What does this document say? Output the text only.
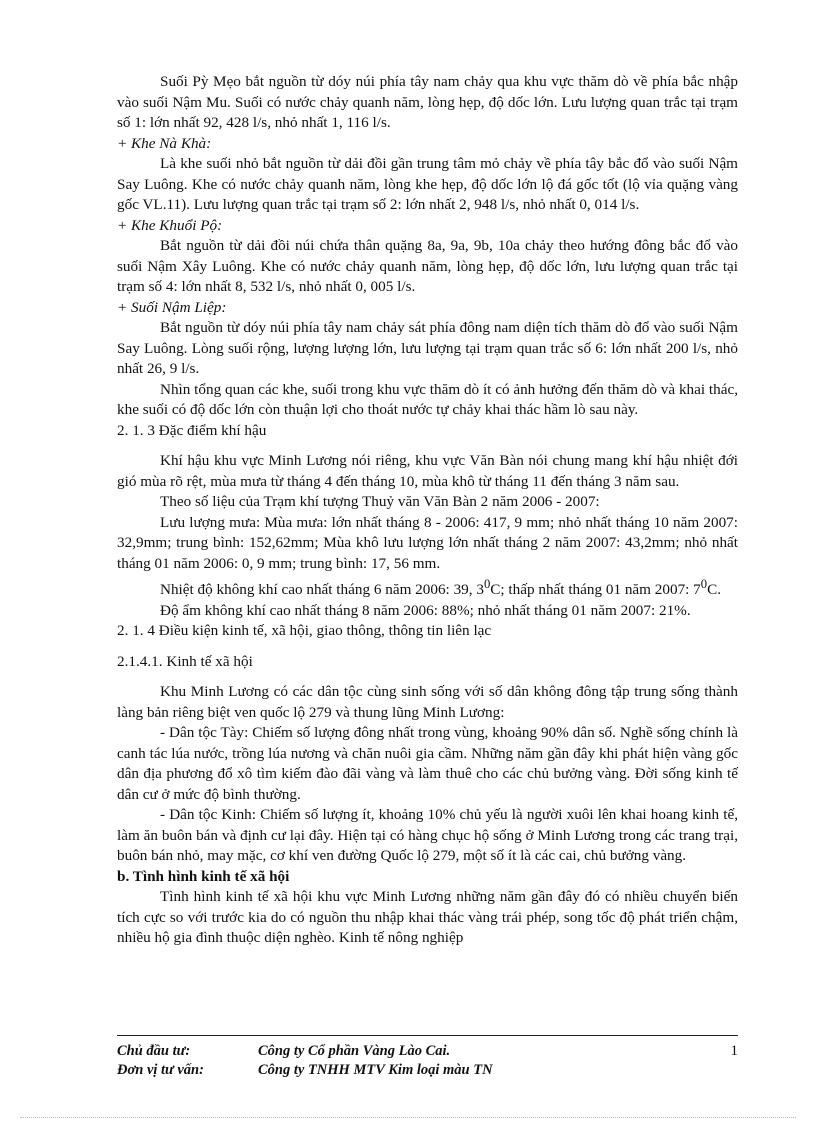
Suối Pỳ Mẹo bắt nguồn từ dóy núi phía tây nam chảy qua khu vực thăm dò về phía bắc nhập vào suối Nậm Mu. Suối có nước chảy quanh năm, lòng hẹp, độ dốc lớn. Lưu lượng quan trắc tại trạm số 1: lớn nhất 92, 428 l/s, nhỏ nhất 1, 116 l/s.

+ Khe Nà Khà:

Là khe suối nhỏ bắt nguồn từ dải đồi gần trung tâm mỏ chảy về phía tây bắc đổ vào suối Nậm Say Luông. Khe có nước chảy quanh năm, lòng khe hẹp, độ dốc lớn lộ đá gốc tốt (lộ vỉa quặng vàng gốc VL.11). Lưu lượng quan trắc tại trạm số 2: lớn nhất 2, 948 l/s, nhỏ nhất 0, 014 l/s.

+ Khe Khuổi Pộ:

Bắt nguồn từ dải đồi núi chứa thân quặng 8a, 9a, 9b, 10a chảy theo hướng đông bắc đổ vào suối Nậm Xây Luông. Khe có nước chảy quanh năm, lòng hẹp, độ dốc lớn, lưu lượng quan trắc tại trạm số 4: lớn nhất 8, 532 l/s, nhỏ nhất 0, 005 l/s.

+ Suối Nậm Liệp:

Bắt nguồn từ dóy núi phía tây nam chảy sát phía đông nam diện tích thăm dò đổ vào suối Nậm Say Luông. Lòng suối rộng, lượng lượng lớn, lưu lượng tại trạm quan trắc số 6: lớn nhất 200 l/s, nhỏ nhất 26, 9 l/s.

Nhìn tổng quan các khe, suối trong khu vực thăm dò ít có ảnh hưởng đến thăm dò và khai thác, khe suối có độ dốc lớn còn thuận lợi cho thoát nước tự chảy khai thác hầm lò sau này.

2. 1. 3 Đặc điểm khí hậu

Khí hậu khu vực Minh Lương nói riêng, khu vực Văn Bàn nói chung mang khí hậu nhiệt đới gió mùa rõ rệt, mùa mưa từ tháng 4 đến tháng 10, mùa khô từ tháng 11 đến tháng 3 năm sau.

Theo số liệu của Trạm khí tượng Thuỷ văn Văn Bàn 2 năm 2006 - 2007:

Lưu lượng mưa: Mùa mưa: lớn nhất tháng 8 - 2006: 417, 9 mm; nhỏ nhất tháng 10 năm 2007: 32,9mm; trung bình: 152,62mm; Mùa khô lưu lượng lớn nhất tháng 2 năm 2007: 43,2mm; nhỏ nhất tháng 01 năm 2006: 0, 9 mm; trung bình: 17, 56 mm.

Nhiệt độ không khí cao nhất tháng 6 năm 2006: 39, $3^0C$; thấp nhất tháng 01 năm 2007: $7^0C$.

Độ ẩm không khí cao nhất tháng 8 năm 2006: 88%; nhỏ nhất tháng 01 năm 2007: 21%.

2. 1. 4 Điều kiện kinh tế, xã hội, giao thông, thông tin liên lạc

2.1.4.1. Kinh tế xã hội

Khu Minh Lương có các dân tộc cùng sinh sống với số dân không đông tập trung sống thành làng bản riêng biệt ven quốc lộ 279 và thung lũng Minh Lương:

- Dân tộc Tày: Chiếm số lượng đông nhất trong vùng, khoảng 90% dân số. Nghề sống chính là canh tác lúa nước, trồng lúa nương và chăn nuôi gia cầm. Những năm gần đây khi phát hiện vàng gốc dân địa phương đổ xô tìm kiếm đào đãi vàng và làm thuê cho các chủ bưởng vàng. Đời sống kinh tế dân cư ở mức độ bình thường.

- Dân tộc Kinh: Chiếm số lượng ít, khoảng 10% chủ yếu là người xuôi lên khai hoang kinh tế, làm ăn buôn bán và định cư lại đây. Hiện tại có hàng chục hộ sống ở Minh Lương trong các trang trại, buôn bán nhỏ, may mặc, cơ khí ven đường Quốc lộ 279, một số ít là các cai, chủ bưởng vàng.

b. Tình hình kinh tế xã hội

Tình hình kinh tế xã hội khu vực Minh Lương những năm gần đây đó có nhiều chuyển biến tích cực so với trước kia do có nguồn thu nhập khai thác vàng trái phép, song tốc độ phát triển chậm, nhiều hộ gia đình thuộc diện nghèo. Kinh tế nông nghiệp

Chủ đầu tư:	Công ty Cổ phần Vàng Lào Cai.	1
Đơn vị tư vấn:	Công ty TNHH MTV Kim loại màu TN
